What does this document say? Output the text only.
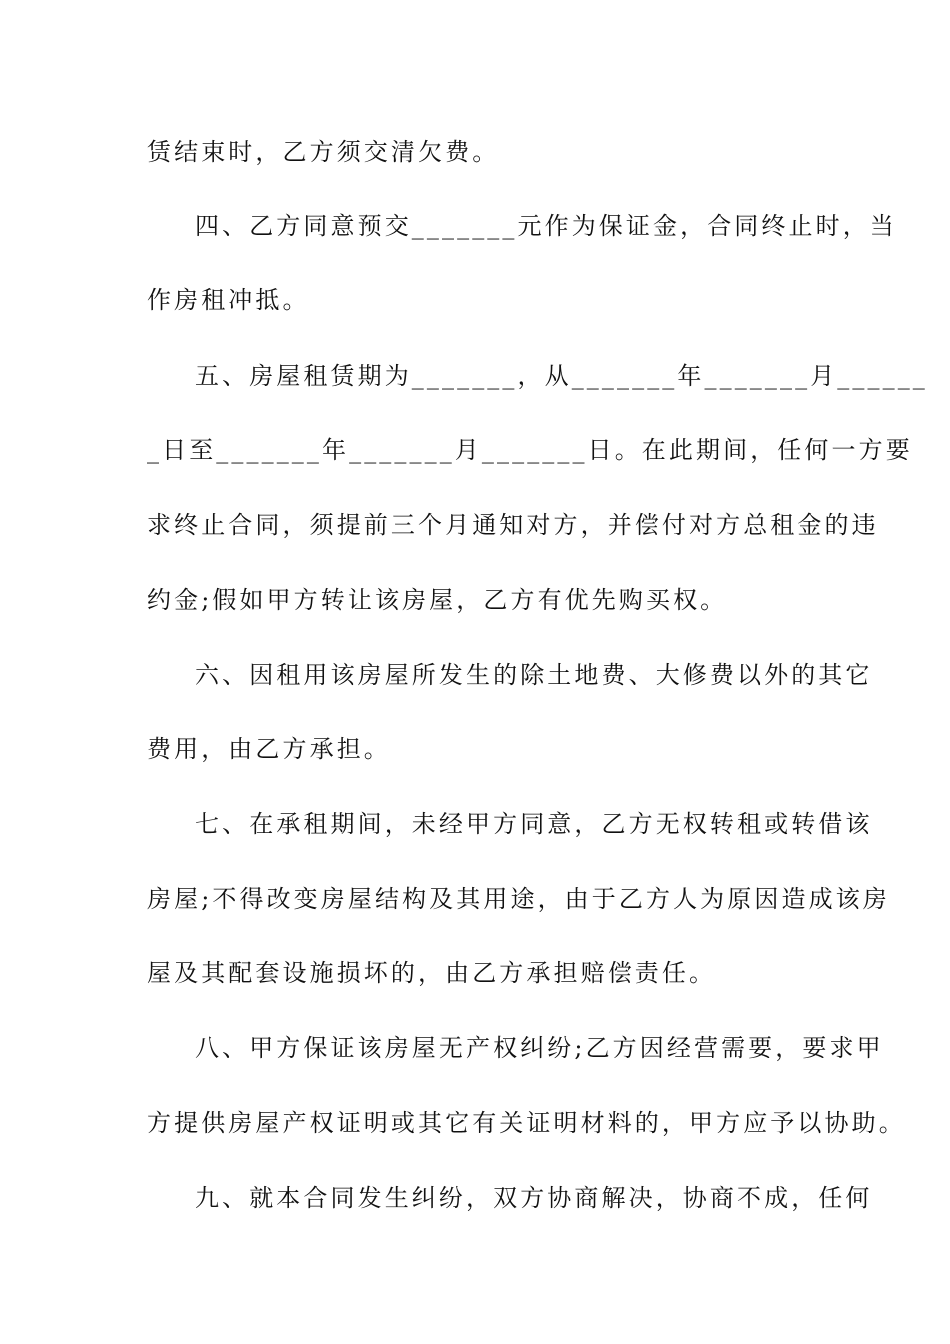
赁结束时，乙方须交清欠费。
四、乙方同意预交_______元作为保证金，合同终止时，当
作房租冲抵。
五、房屋租赁期为_______，从_______年_______月______
_日至_______年_______月_______日。在此期间，任何一方要
求终止合同，须提前三个月通知对方，并偿付对方总租金的违
约金;假如甲方转让该房屋，乙方有优先购买权。
六、因租用该房屋所发生的除土地费、大修费以外的其它
费用，由乙方承担。
七、在承租期间，未经甲方同意，乙方无权转租或转借该
房屋;不得改变房屋结构及其用途，由于乙方人为原因造成该房
屋及其配套设施损坏的，由乙方承担赔偿责任。
八、甲方保证该房屋无产权纠纷;乙方因经营需要，要求甲
方提供房屋产权证明或其它有关证明材料的，甲方应予以协助。
九、就本合同发生纠纷，双方协商解决，协商不成，任何
